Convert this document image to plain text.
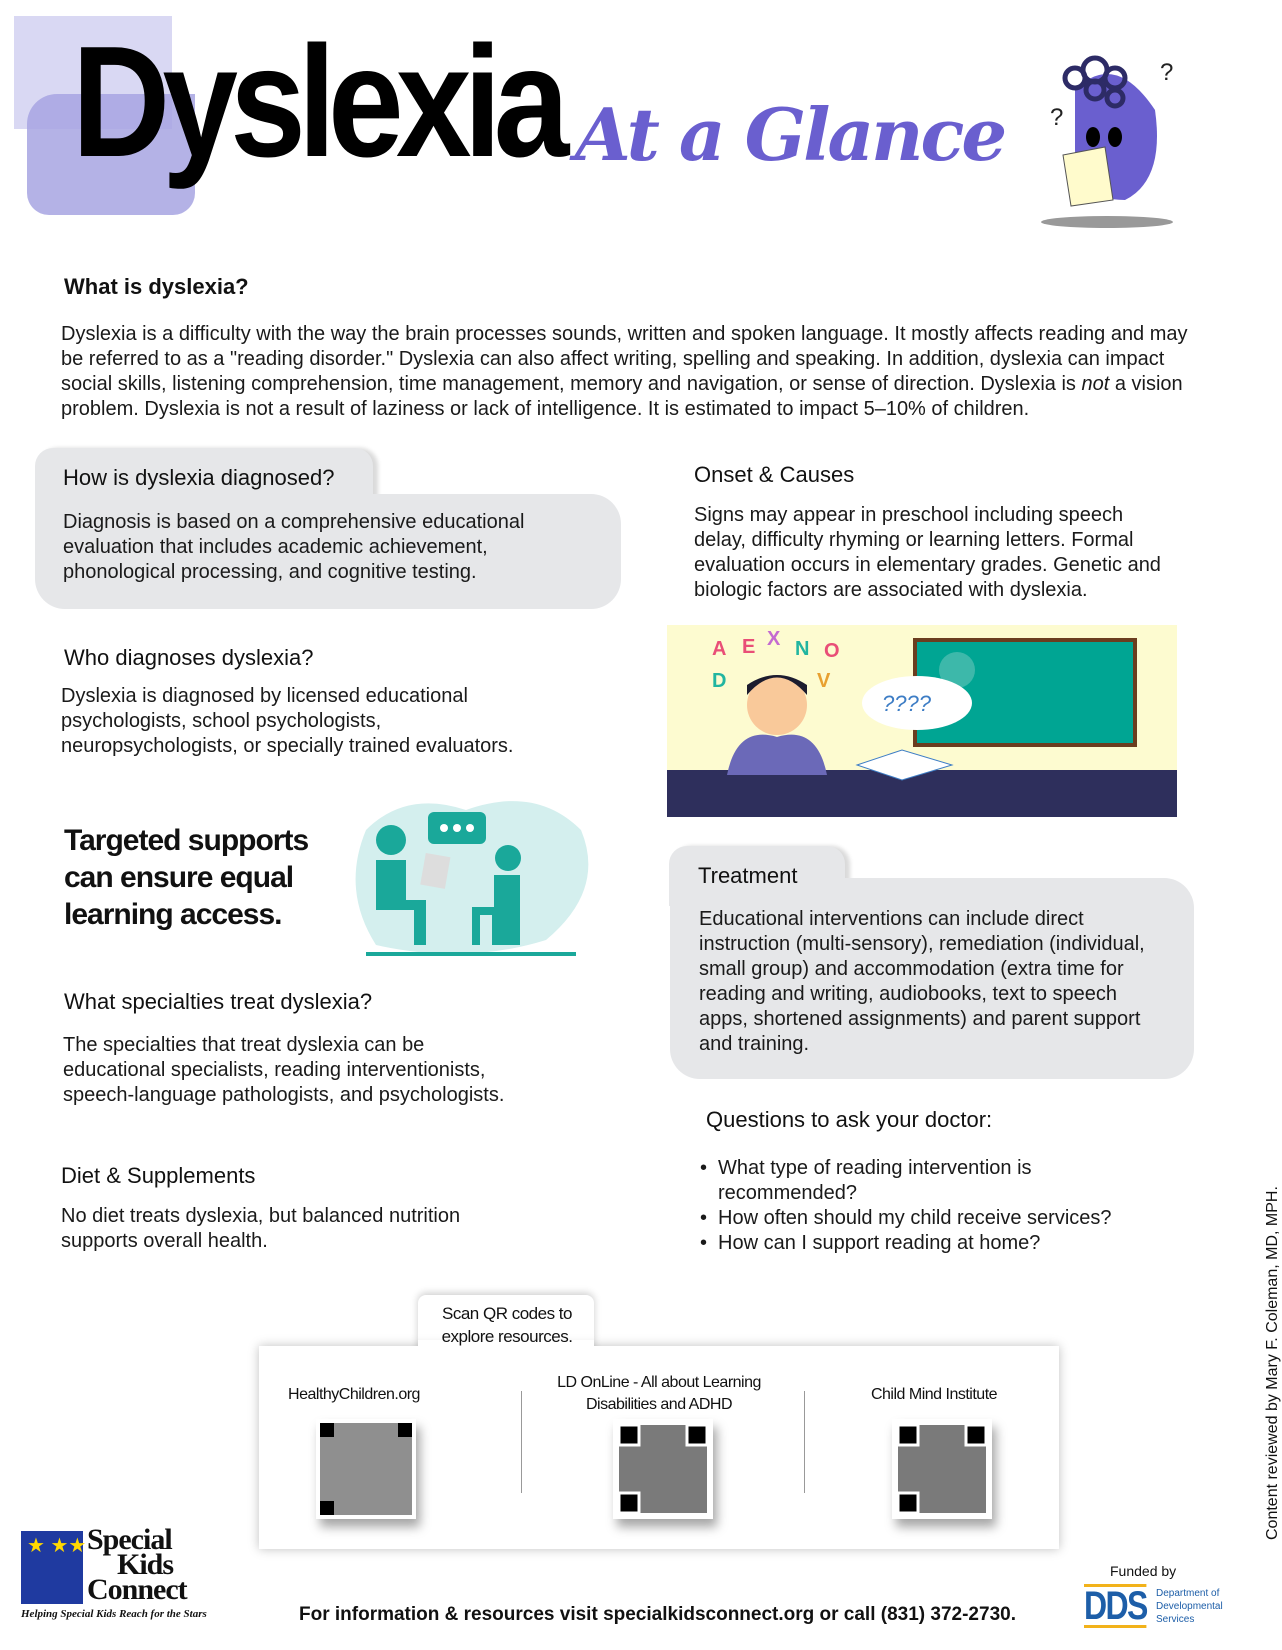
Dyslexia At a Glance
?
?
What is dyslexia?
Dyslexia is a difficulty with the way the brain processes sounds, written and spoken language. It mostly affects reading and may be referred to as a "reading disorder." Dyslexia can also affect writing, spelling and speaking. In addition, dyslexia can impact social skills, listening comprehension, time management, memory and navigation, or sense of direction. Dyslexia is not a vision problem. Dyslexia is not a result of laziness or lack of intelligence. It is estimated to impact 5–10% of children.
How is dyslexia diagnosed?
Diagnosis is based on a comprehensive educational evaluation that includes academic achievement, phonological processing, and cognitive testing.
Onset & Causes
Signs may appear in preschool including speech delay, difficulty rhyming or learning letters. Formal evaluation occurs in elementary grades. Genetic and biologic factors are associated with dyslexia.
????
A E X N O
D	V
Who diagnoses dyslexia?
Dyslexia is diagnosed by licensed educational psychologists, school psychologists, neuropsychologists, or specially trained evaluators.
Targeted supports can ensure equal learning access.
Treatment
Educational interventions can include direct instruction (multi-sensory), remediation (individual, small group) and accommodation (extra time for reading and writing, audiobooks, text to speech apps, shortened assignments) and parent support and training.
What specialties treat dyslexia?
The specialties that treat dyslexia can be educational specialists, reading interventionists, speech-language pathologists, and psychologists.
Diet & Supplements
No diet treats dyslexia, but balanced nutrition supports overall health.
Questions to ask your doctor:
• What type of reading intervention is recommended?
• How often should my child receive services?
• How can I support reading at home?
Scan QR codes to explore resources.
HealthyChildren.org
LD OnLine - All about Learning Disabilities and ADHD
Child Mind Institute	Content reviewed by Mary F. Coleman, MD, MPH.
★ ★★ Special
Kids
Connect
Helping Special Kids Reach for the Stars	For information & resources visit specialkidsconnect.org or call (831) 372-2730.
Funded by
DDS Department of
Developmental
Services
